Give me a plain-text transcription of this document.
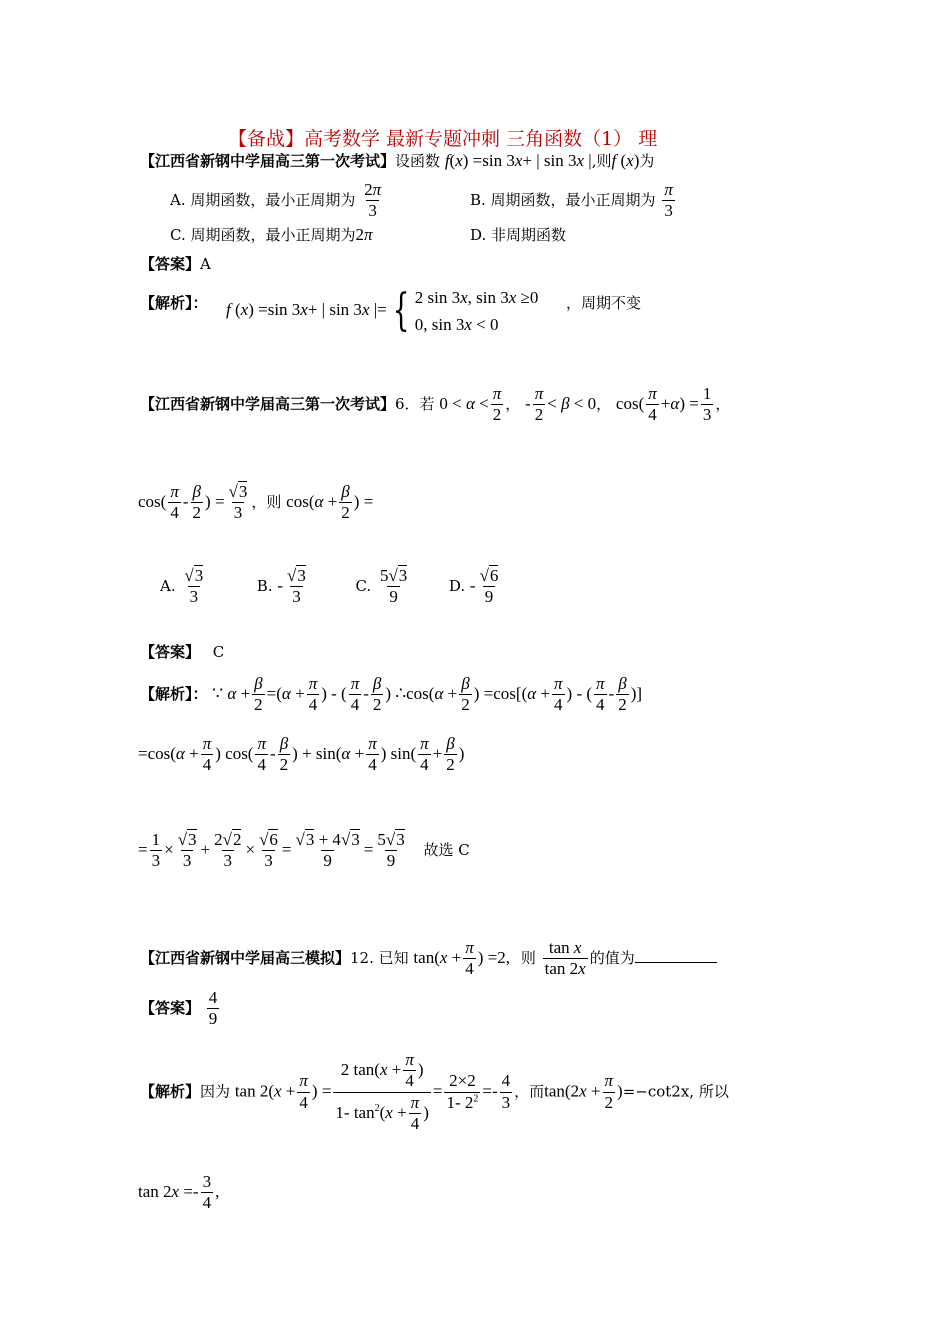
【备战】高考数学 最新专题冲刺 三角函数（1） 理
【江西省新钢中学届高三第一次考试】设函数 f(x) =sin 3x+ | sin 3x |,则f (x)为
A. 周期函数，最小正周期为 $\frac{2\pi}{3}$	B. 周期函数，最小正周期为 $\frac{\pi}{3}$
C. 周期函数，最小正周期为2π	D. 非周期函数
【答案】A
【解析】： f (x) =sin 3x+ | sin 3x |= { 2 sin 3x, sin 3x ≥0
0, sin 3x < 0
，周期不变
【江西省新钢中学届高三第一次考试】6．若 $0 < \alpha < \frac{\pi}{2}$ ， - $\frac{\pi}{2} < \beta < 0$， $\cos( \frac{\pi}{4} +\alpha) = \frac{1}{3}$ ，
$\cos( \frac{\pi}{4} - \frac{\beta}{2}$ ) = $\frac{√3}{3}$ ，则 $\cos(\alpha + \frac{\beta}{2}$ ) =
A. $\frac{√3}{3}$	B. - $\frac{√3}{3}$	C. $\frac{5√3}{9}$	D. - $\frac{√6}{9}$
【答案】 C
【解析】： ∵ $\alpha + \frac{\beta}{2} =(\alpha + \frac{\pi}{4}$ ) - ( $\frac{\pi}{4} - \frac{\beta}{2}$ ) ∴cos(α + $\frac{\beta}{2}$ ) $=\cos[(\alpha + \frac{\pi}{4}$ ) - ( $\frac{\pi}{4} - \frac{\beta}{2}$ )]
$=\cos(\alpha + \frac{\pi}{4}$ ) $\cos( \frac{\pi}{4} - \frac{\beta}{2}$ ) + $\sin(\alpha + \frac{\pi}{4}$ ) $\sin( \frac{\pi}{4} + \frac{\beta}{2}$ )
= $\frac{1}{3} \times \frac{√3}{3} + \frac{2√2}{3} \times \frac{√6}{3} = \frac{√3 + 4√3}{9} = \frac{5√3}{9}$ 故选 C
【江西省新钢中学届高三模拟】12. 已知 $\tan(x + \frac{\pi}{4}$ ) =2, 则 $\frac{\text{tan x}}{\tan 2x}$ 的值为
【答案】 $\frac{4}{9}$
【解析】因为 $\tan 2(x + \frac{\pi}{4}$ ) = $\frac{2 \tan(x + \frac{\pi}{4} )}{1- \tan^2(x + \frac{\pi}{4} )} = \frac{2\times 2}{1- 2^2} =- \frac{4}{3}$ ，而$\tan(2x + \frac{\pi}{2} )=-\cot 2x$, 所以
$\tan 2x =- \frac{3}{4}$ ,
